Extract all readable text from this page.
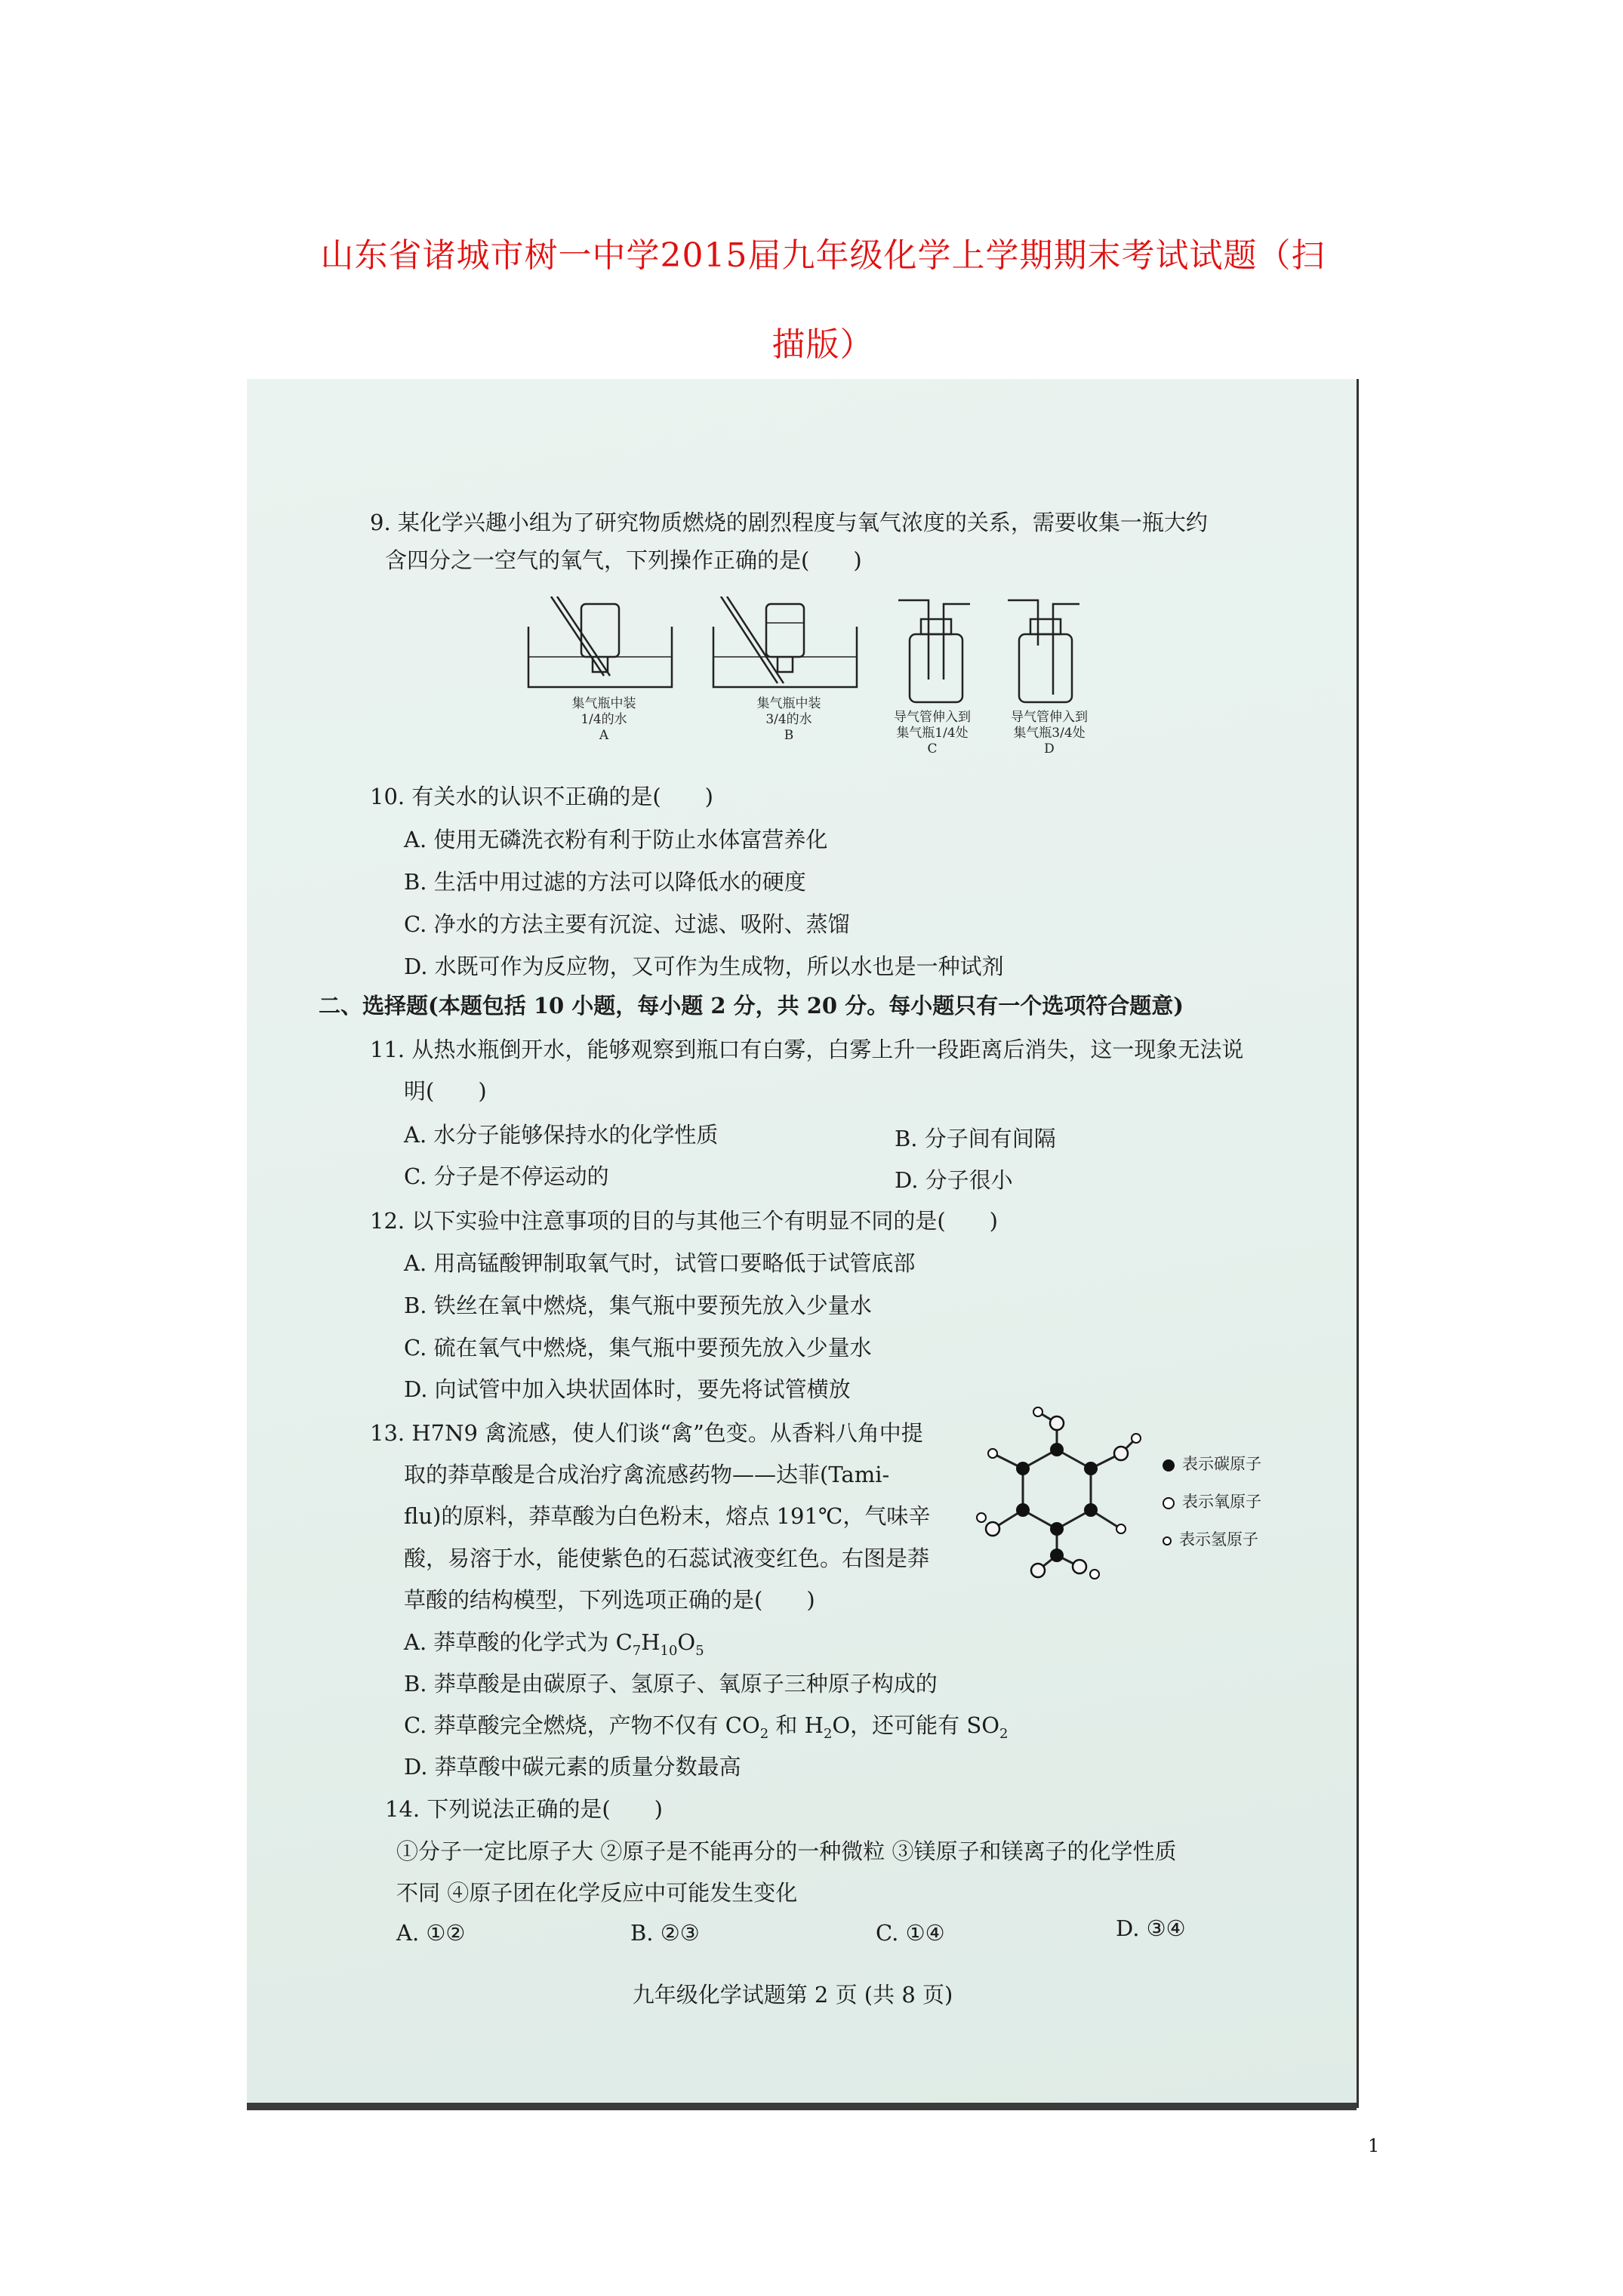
山东省诸城市树一中学2015届九年级化学上学期期末考试试题（扫
描版）
9. 某化学兴趣小组为了研究物质燃烧的剧烈程度与氧气浓度的关系，需要收集一瓶大约
含四分之一空气的氧气，下列操作正确的是(　　)
集气瓶中装
1/4的水
A
集气瓶中装
3/4的水
B
导气管伸入到
集气瓶1/4处
C
导气管伸入到
集气瓶3/4处
D
10. 有关水的认识不正确的是(　　)
A. 使用无磷洗衣粉有利于防止水体富营养化
B. 生活中用过滤的方法可以降低水的硬度
C. 净水的方法主要有沉淀、过滤、吸附、蒸馏
D. 水既可作为反应物，又可作为生成物，所以水也是一种试剂
二、选择题(本题包括 10 小题，每小题 2 分，共 20 分。每小题只有一个选项符合题意)
11. 从热水瓶倒开水，能够观察到瓶口有白雾，白雾上升一段距离后消失，这一现象无法说
明(　　)
A. 水分子能够保持水的化学性质	B. 分子间有间隔
C. 分子是不停运动的	D. 分子很小
12. 以下实验中注意事项的目的与其他三个有明显不同的是(　　)
A. 用高锰酸钾制取氧气时，试管口要略低于试管底部
B. 铁丝在氧中燃烧，集气瓶中要预先放入少量水
C. 硫在氧气中燃烧，集气瓶中要预先放入少量水
D. 向试管中加入块状固体时，要先将试管横放
13. H7N9 禽流感，使人们谈“禽”色变。从香料八角中提
取的莽草酸是合成治疗禽流感药物——达菲(Tami-
flu)的原料，莽草酸为白色粉末，熔点 191℃，气味辛
酸，易溶于水，能使紫色的石蕊试液变红色。右图是莽
草酸的结构模型，下列选项正确的是(　　)
A. 莽草酸的化学式为 $C_7H_{10}O_5$
B. 莽草酸是由碳原子、氢原子、氧原子三种原子构成的
C. 莽草酸完全燃烧，产物不仅有 $CO_2$ 和 $H_2O$，还可能有 $SO_2$
D. 莽草酸中碳元素的质量分数最高
表示碳原子
表示氧原子
表示氢原子
14. 下列说法正确的是(　　)
①分子一定比原子大 ②原子是不能再分的一种微粒 ③镁原子和镁离子的化学性质
不同 ④原子团在化学反应中可能发生变化
A. ①②	B. ②③	C. ①④	D. ③④
九年级化学试题第 2 页 (共 8 页)
1
